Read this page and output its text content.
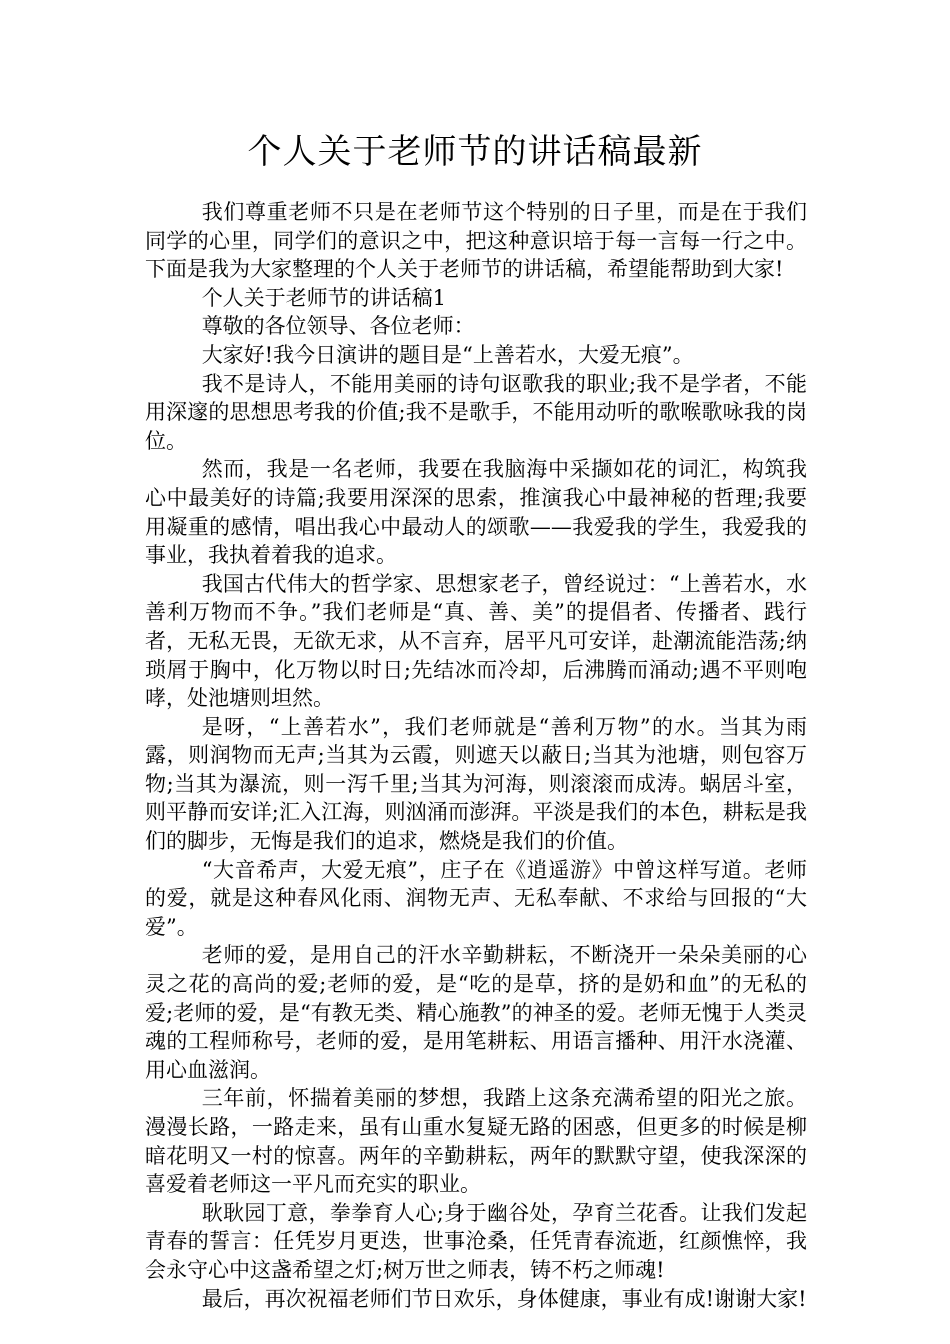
个人关于老师节的讲话稿最新

我们尊重老师不只是在老师节这个特别的日子里，而是在于我们同学的心里，同学们的意识之中，把这种意识培于每一言每一行之中。下面是我为大家整理的个人关于老师节的讲话稿，希望能帮助到大家!

个人关于老师节的讲话稿1

尊敬的各位领导、各位老师：

大家好!我今日演讲的题目是“上善若水，大爱无痕”。

我不是诗人，不能用美丽的诗句讴歌我的职业;我不是学者，不能用深邃的思想思考我的价值;我不是歌手，不能用动听的歌喉歌咏我的岗位。

然而，我是一名老师，我要在我脑海中采撷如花的词汇，构筑我心中最美好的诗篇;我要用深深的思索，推演我心中最神秘的哲理;我要用凝重的感情，唱出我心中最动人的颂歌——我爱我的学生，我爱我的事业，我执着着我的追求。

我国古代伟大的哲学家、思想家老子，曾经说过：“上善若水，水善利万物而不争。”我们老师是“真、善、美”的提倡者、传播者、践行者，无私无畏，无欲无求，从不言弃，居平凡可安详，赴潮流能浩荡;纳琐屑于胸中，化万物以时日;先结冰而冷却，后沸腾而涌动;遇不平则咆哮，处池塘则坦然。

是呀，“上善若水”，我们老师就是“善利万物”的水。当其为雨露，则润物而无声;当其为云霞，则遮天以蔽日;当其为池塘，则包容万物;当其为瀑流，则一泻千里;当其为河海，则滚滚而成涛。蜗居斗室，则平静而安详;汇入江海，则汹涌而澎湃。平淡是我们的本色，耕耘是我们的脚步，无悔是我们的追求，燃烧是我们的价值。

“大音希声，大爱无痕”，庄子在《逍遥游》中曾这样写道。老师的爱，就是这种春风化雨、润物无声、无私奉献、不求给与回报的“大爱”。

老师的爱，是用自己的汗水辛勤耕耘，不断浇开一朵朵美丽的心灵之花的高尚的爱;老师的爱，是“吃的是草，挤的是奶和血”的无私的爱;老师的爱，是“有教无类、精心施教”的神圣的爱。老师无愧于人类灵魂的工程师称号，老师的爱，是用笔耕耘、用语言播种、用汗水浇灌、用心血滋润。

三年前，怀揣着美丽的梦想，我踏上这条充满希望的阳光之旅。漫漫长路，一路走来，虽有山重水复疑无路的困惑，但更多的时候是柳暗花明又一村的惊喜。两年的辛勤耕耘，两年的默默守望，使我深深的喜爱着老师这一平凡而充实的职业。

耿耿园丁意，拳拳育人心;身于幽谷处，孕育兰花香。让我们发起青春的誓言：任凭岁月更迭，世事沧桑，任凭青春流逝，红颜憔悴，我会永守心中这盏希望之灯;树万世之师表，铸不朽之师魂!

最后，再次祝福老师们节日欢乐，身体健康，事业有成!谢谢大家!
